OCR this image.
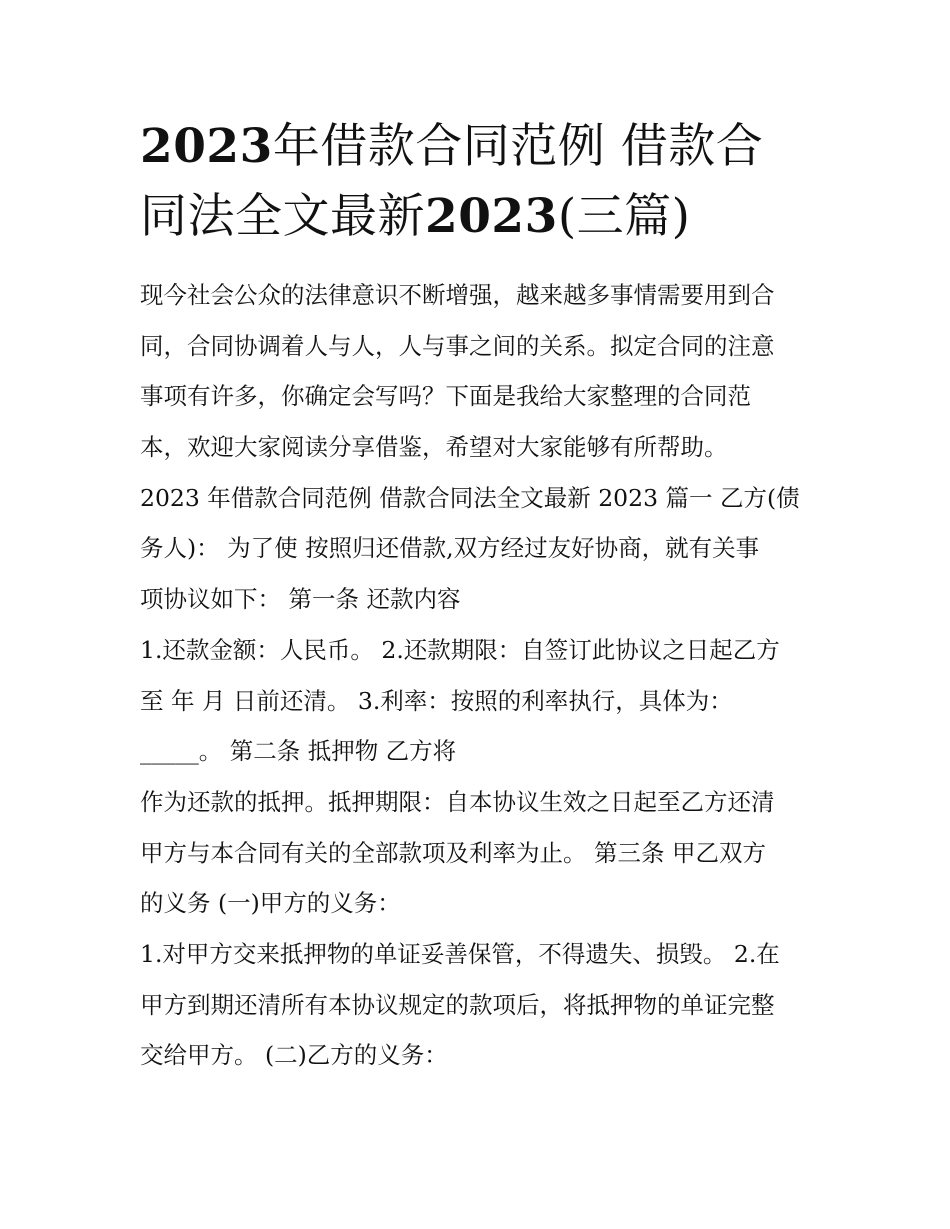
2023年借款合同范例 借款合
同法全文最新2023(三篇)
现今社会公众的法律意识不断增强，越来越多事情需要用到合
同，合同协调着人与人，人与事之间的关系。拟定合同的注意
事项有许多，你确定会写吗？下面是我给大家整理的合同范
本，欢迎大家阅读分享借鉴，希望对大家能够有所帮助。
2023 年借款合同范例 借款合同法全文最新 2023 篇一 乙方(债
务人)： 为了使 按照归还借款,双方经过友好协商，就有关事
项协议如下： 第一条 还款内容
1.还款金额：人民币。 2.还款期限：自签订此协议之日起乙方
至 年 月 日前还清。 3.利率：按照的利率执行，具体为：
_____。 第二条 抵押物 乙方将
作为还款的抵押。抵押期限：自本协议生效之日起至乙方还清
甲方与本合同有关的全部款项及利率为止。 第三条 甲乙双方
的义务 (一)甲方的义务：
1.对甲方交来抵押物的单证妥善保管，不得遗失、损毁。 2.在
甲方到期还清所有本协议规定的款项后，将抵押物的单证完整
交给甲方。 (二)乙方的义务：
